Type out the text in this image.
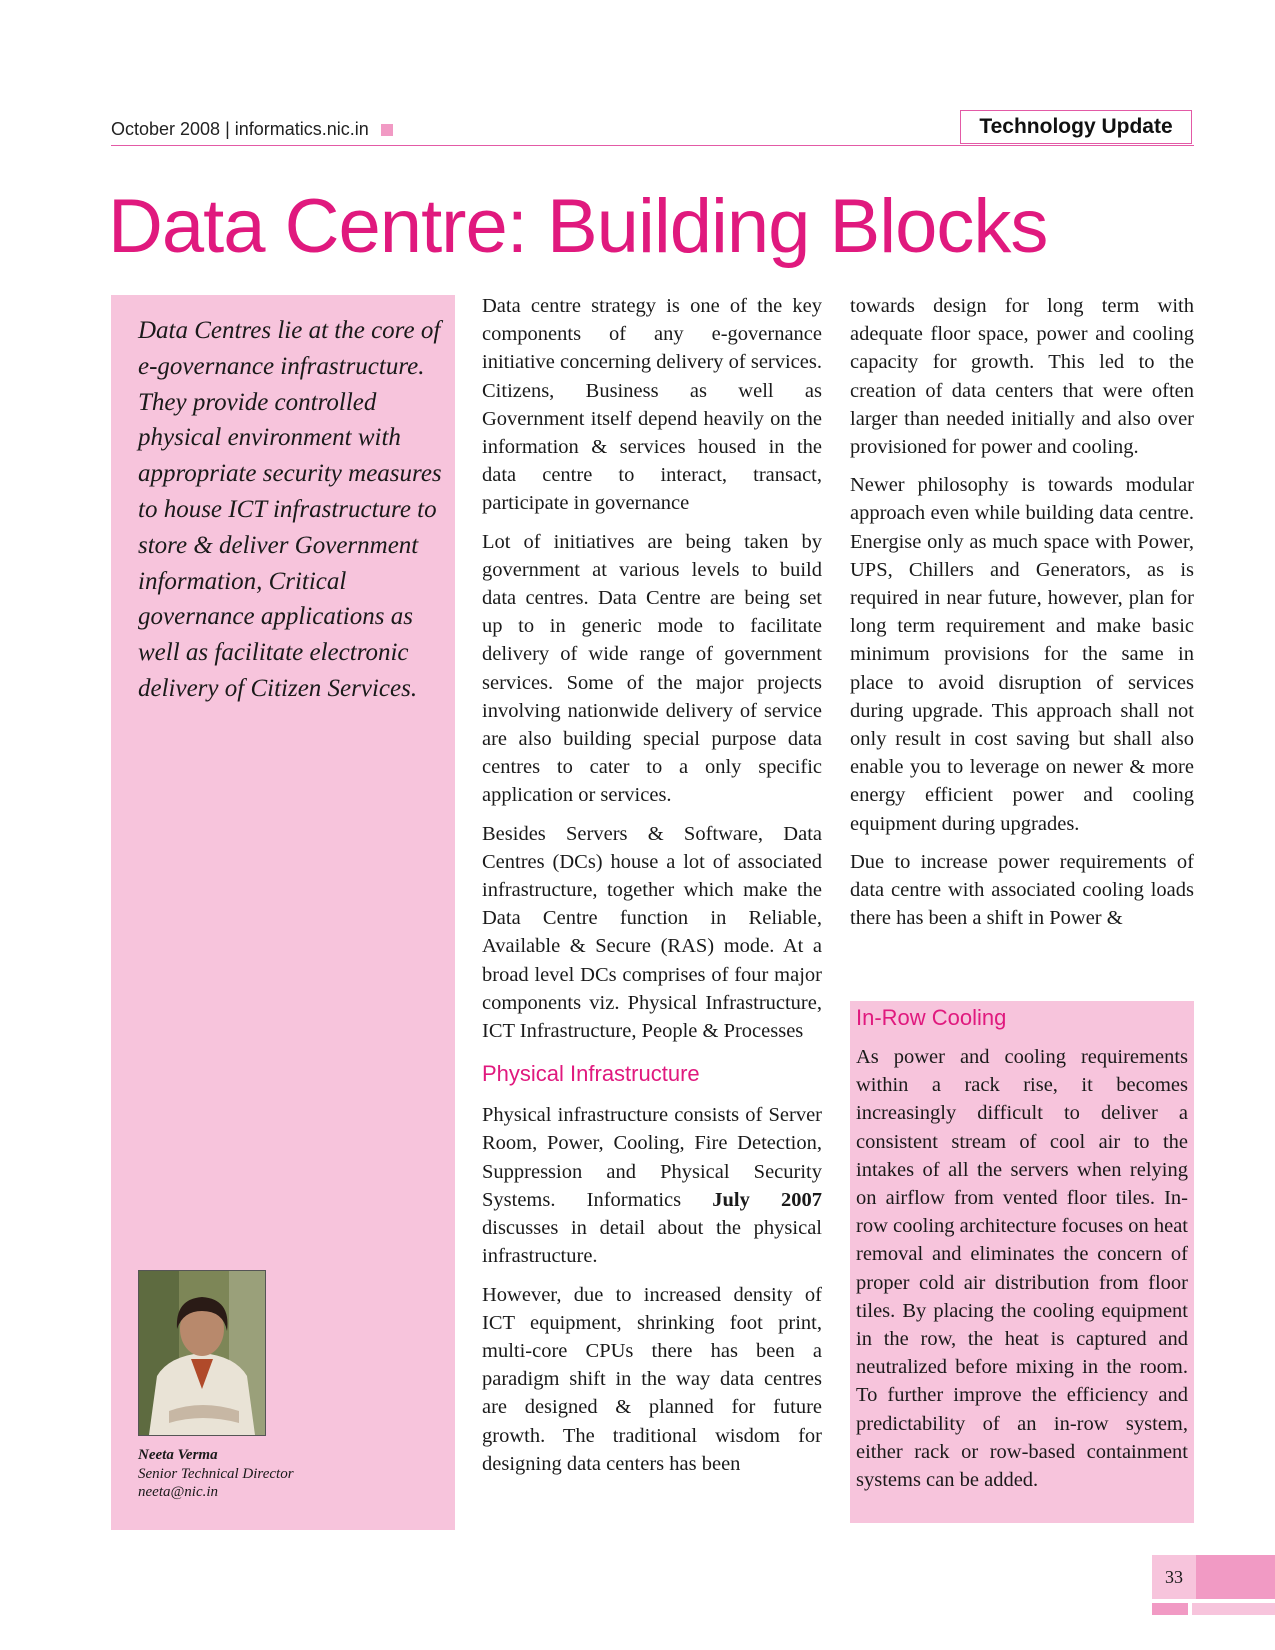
October 2008 | informatics.nic.in	Technology Update
Data Centre: Building Blocks
Data Centres lie at the core of e-governance infrastructure. They provide controlled physical environment with appropriate security measures to house ICT infrastructure to store & deliver Government information, Critical governance applications as well as facilitate electronic delivery of Citizen Services.
Neeta Verma
Senior Technical Director
neeta@nic.in

Data centre strategy is one of the key components of any e-governance initiative concerning delivery of services. Citizens, Business as well as Government itself depend heavily on the information & services housed in the data centre to interact, transact, participate in governance

Lot of initiatives are being taken by government at various levels to build data centres. Data Centre are being set up to in generic mode to facilitate delivery of wide range of government services. Some of the major projects involving nationwide delivery of service are also building special purpose data centres to cater to a only specific application or services.

Besides Servers & Software, Data Centres (DCs) house a lot of associated infrastructure, together which make the Data Centre function in Reliable, Available & Secure (RAS) mode. At a broad level DCs comprises of four major components viz. Physical Infrastructure, ICT Infrastructure, People & Processes

Physical Infrastructure

Physical infrastructure consists of Server Room, Power, Cooling, Fire Detection, Suppression and Physical Security Systems. Informatics July 2007 discusses in detail about the physical infrastructure.

However, due to increased density of ICT equipment, shrinking foot print, multi-core CPUs there has been a paradigm shift in the way data centres are designed & planned for future growth. The traditional wisdom for designing data centers has been

towards design for long term with adequate floor space, power and cooling capacity for growth. This led to the creation of data centers that were often larger than needed initially and also over provisioned for power and cooling.

Newer philosophy is towards modular approach even while building data centre. Energise only as much space with Power, UPS, Chillers and Generators, as is required in near future, however, plan for long term requirement and make basic minimum provisions for the same in place to avoid disruption of services during upgrade. This approach shall not only result in cost saving but shall also enable you to leverage on newer & more energy efficient power and cooling equipment during upgrades.

Due to increase power requirements of data centre with associated cooling loads there has been a shift in Power &

In-Row Cooling
As power and cooling requirements within a rack rise, it becomes increasingly difficult to deliver a consistent stream of cool air to the intakes of all the servers when relying on airflow from vented floor tiles. In-row cooling architecture focuses on heat removal and eliminates the concern of proper cold air distribution from floor tiles. By placing the cooling equipment in the row, the heat is captured and neutralized before mixing in the room. To further improve the efficiency and predictability of an in-row system, either rack or row-based containment systems can be added.
33
